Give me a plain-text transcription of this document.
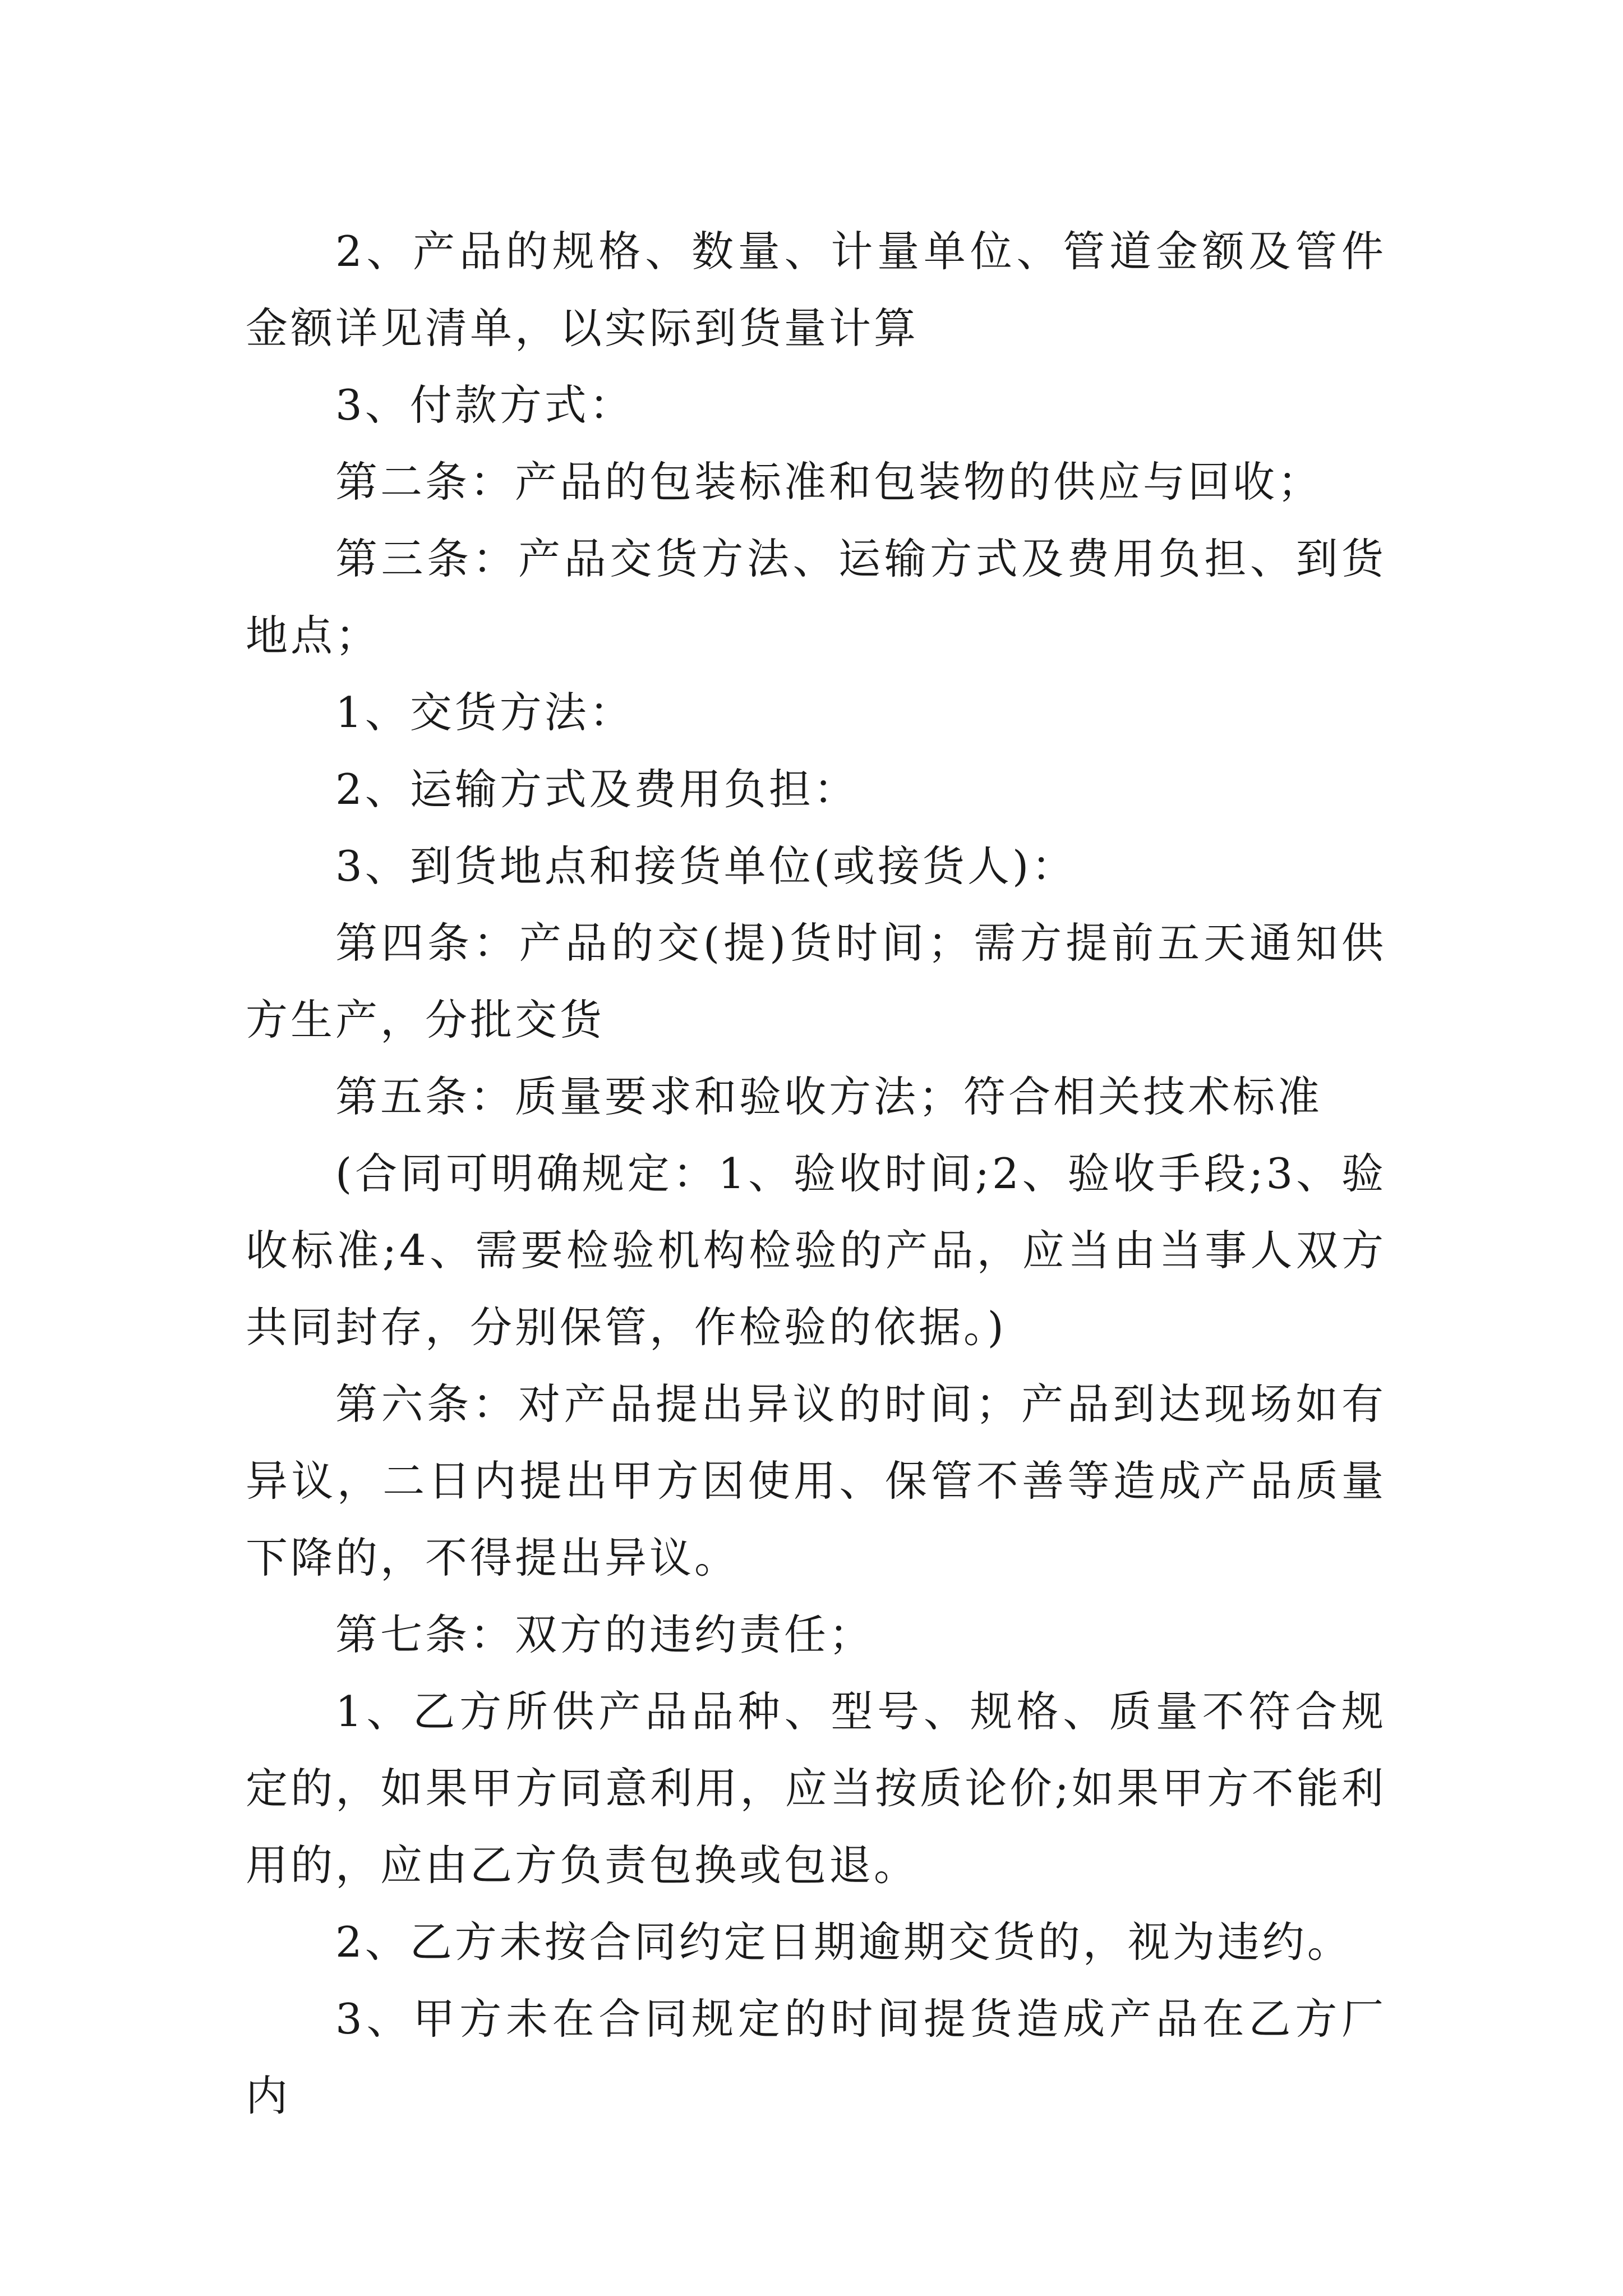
2、产品的规格、数量、计量单位、管道金额及管件金额详见清单，以实际到货量计算

3、付款方式：

第二条：产品的包装标准和包装物的供应与回收；

第三条：产品交货方法、运输方式及费用负担、到货地点；

1、交货方法：

2、运输方式及费用负担：

3、到货地点和接货单位(或接货人)：

第四条：产品的交(提)货时间；需方提前五天通知供方生产，分批交货

第五条：质量要求和验收方法；符合相关技术标准

(合同可明确规定：1、验收时间;2、验收手段;3、验收标准;4、需要检验机构检验的产品，应当由当事人双方共同封存，分别保管，作检验的依据。)

第六条：对产品提出异议的时间；产品到达现场如有异议，二日内提出甲方因使用、保管不善等造成产品质量下降的，不得提出异议。

第七条：双方的违约责任；

1、乙方所供产品品种、型号、规格、质量不符合规定的，如果甲方同意利用，应当按质论价;如果甲方不能利用的，应由乙方负责包换或包退。

2、乙方未按合同约定日期逾期交货的，视为违约。

3、甲方未在合同规定的时间提货造成产品在乙方厂内
